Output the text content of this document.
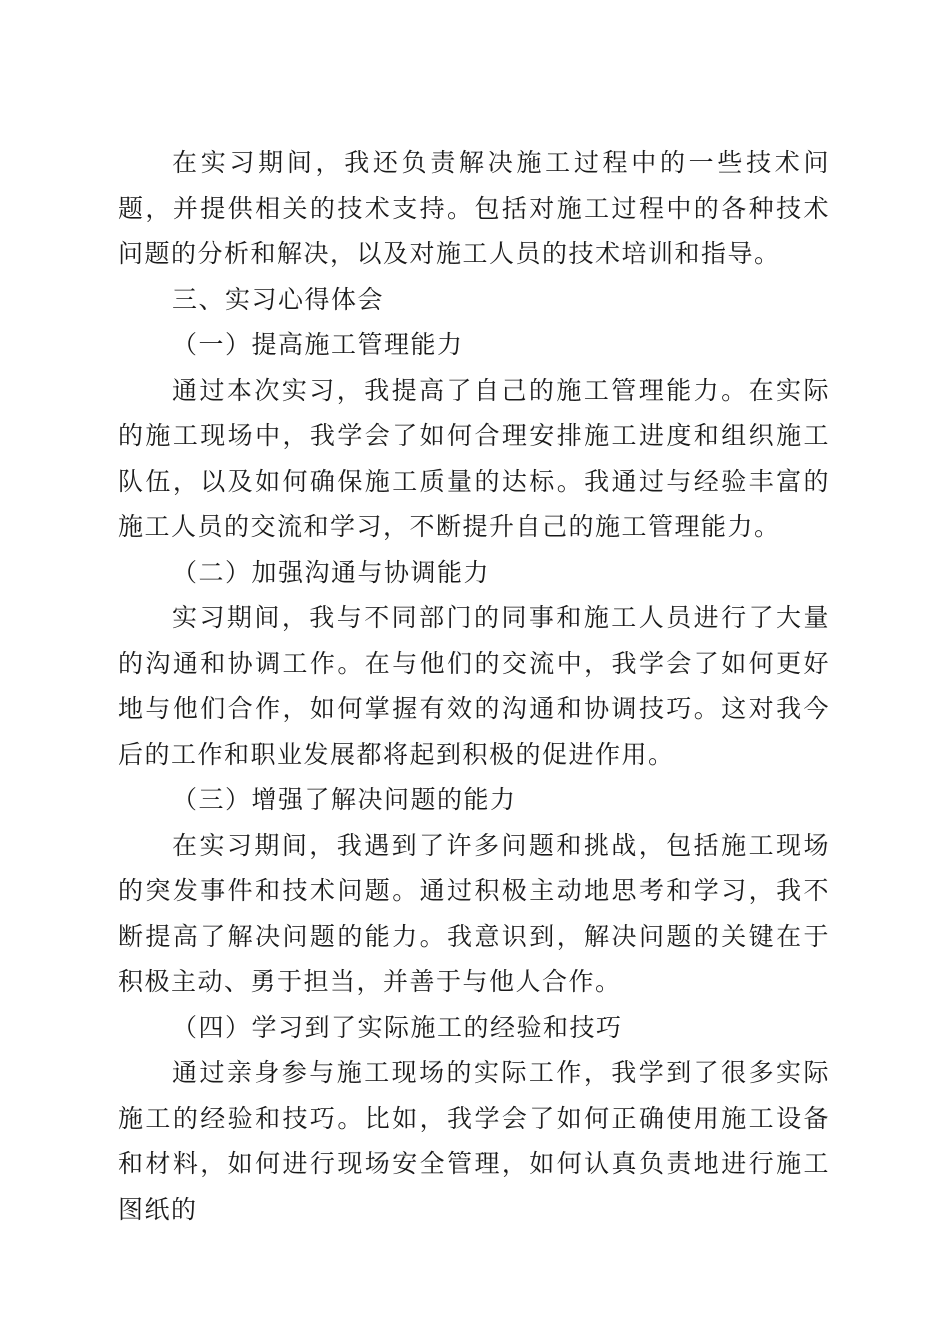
在实习期间，我还负责解决施工过程中的一些技术问题，并提供相关的技术支持。包括对施工过程中的各种技术问题的分析和解决，以及对施工人员的技术培训和指导。

三、实习心得体会

（一）提高施工管理能力

通过本次实习，我提高了自己的施工管理能力。在实际的施工现场中，我学会了如何合理安排施工进度和组织施工队伍，以及如何确保施工质量的达标。我通过与经验丰富的施工人员的交流和学习，不断提升自己的施工管理能力。

（二）加强沟通与协调能力

实习期间，我与不同部门的同事和施工人员进行了大量的沟通和协调工作。在与他们的交流中，我学会了如何更好地与他们合作，如何掌握有效的沟通和协调技巧。这对我今后的工作和职业发展都将起到积极的促进作用。

（三）增强了解决问题的能力

在实习期间，我遇到了许多问题和挑战，包括施工现场的突发事件和技术问题。通过积极主动地思考和学习，我不断提高了解决问题的能力。我意识到，解决问题的关键在于积极主动、勇于担当，并善于与他人合作。

（四）学习到了实际施工的经验和技巧

通过亲身参与施工现场的实际工作，我学到了很多实际施工的经验和技巧。比如，我学会了如何正确使用施工设备和材料，如何进行现场安全管理，如何认真负责地进行施工图纸的
